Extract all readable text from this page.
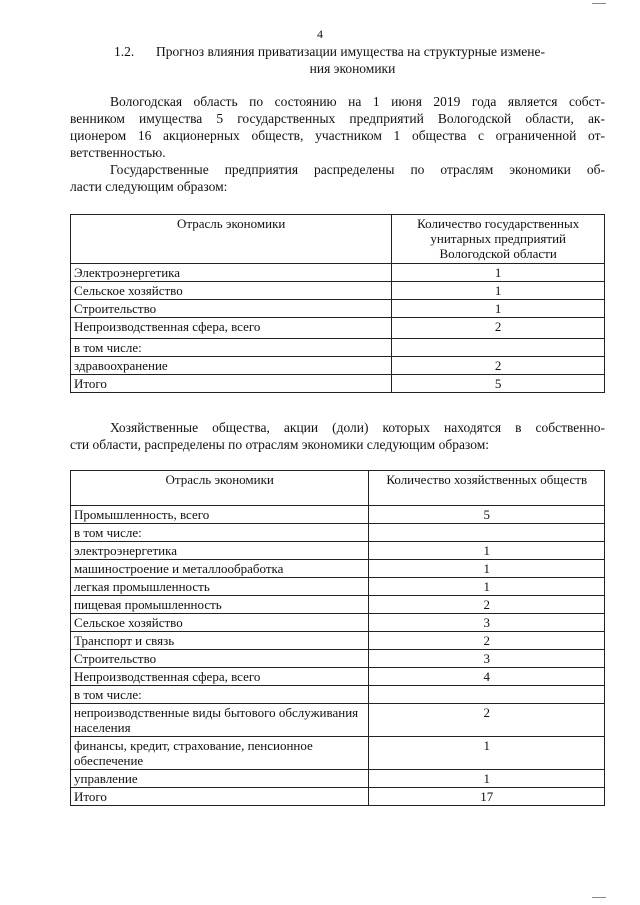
4
1.2. Прогноз влияния приватизации имущества на структурные измене-
ния экономики

Вологодская область по состоянию на 1 июня 2019 года является собст-
венником имущества 5 государственных предприятий Вологодской области, ак-
ционером 16 акционерных обществ, участником 1 общества с ограниченной от-
ветственностью.

Государственные предприятия распределены по отраслям экономики об-
ласти следующим образом:

Отрасль экономики	Количество государственных унитарных предприятий Вологодской области
Электроэнергетика	1
Сельское хозяйство	1
Строительство	1
Непроизводственная сфера, всего	2
в том числе:	
здравоохранение	2
Итого	5

Хозяйственные общества, акции (доли) которых находятся в собственно-
сти области, распределены по отраслям экономики следующим образом:

Отрасль экономики	Количество хозяйственных обществ
Промышленность, всего	5
в том числе:	
электроэнергетика	1
машиностроение и металлообработка	1
легкая промышленность	1
пищевая промышленность	2
Сельское хозяйство	3
Транспорт и связь	2
Строительство	3
Непроизводственная сфера, всего	4
в том числе:	
непроизводственные виды бытового обслуживания населения	2
финансы, кредит, страхование, пенсионное обеспечение	1
управление	1
Итого	17
